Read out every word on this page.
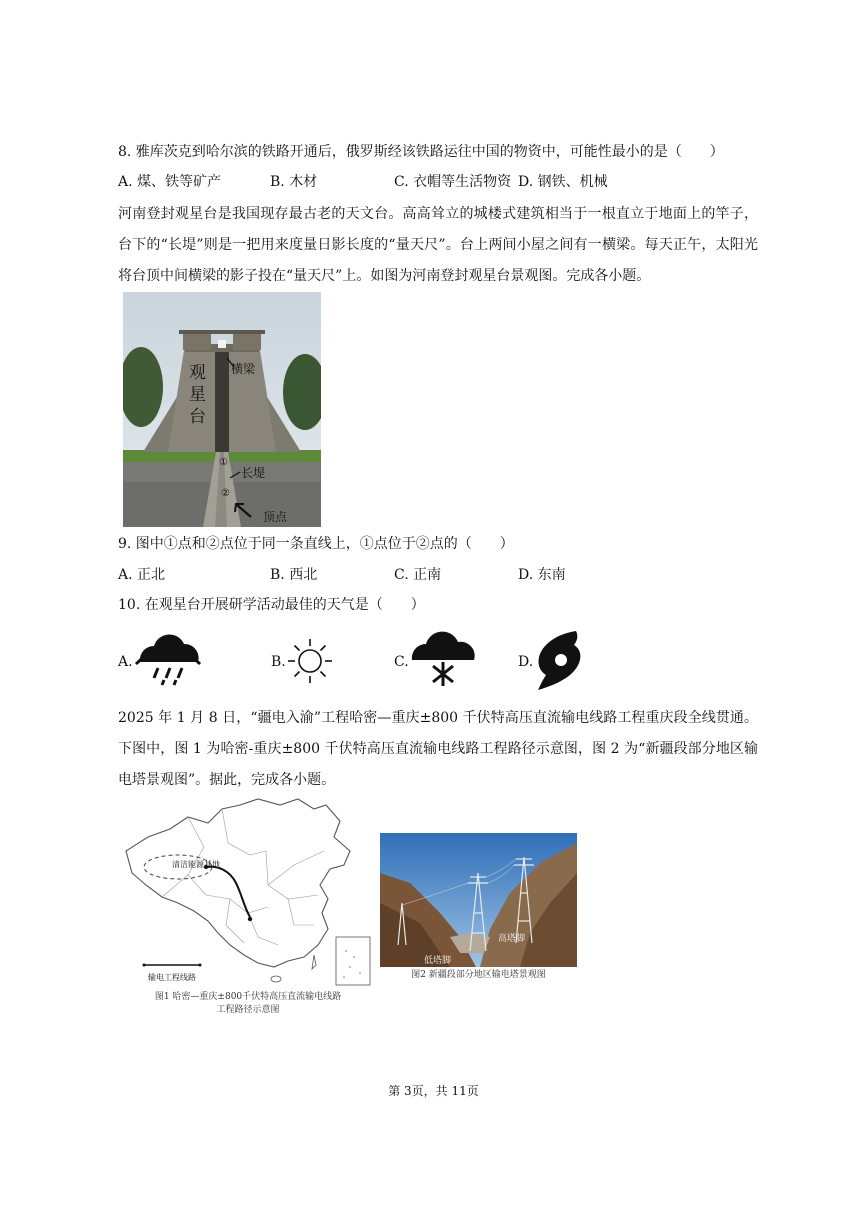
8. 雅库茨克到哈尔滨的铁路开通后，俄罗斯经该铁路运往中国的物资中，可能性最小的是（　　）
A. 煤、铁等矿产	B. 木材	C. 衣帽等生活物资 D. 钢铁、机械
河南登封观星台是我国现存最古老的天文台。高高耸立的城楼式建筑相当于一根直立于地面上的竿子，台下的“长堤”则是一把用来度量日影长度的“量天尺”。台上两间小屋之间有一横梁。每天正午，太阳光将台顶中间横梁的影子投在“量天尺”上。如图为河南登封观星台景观图。完成各小题。
观星台
横梁
①
长堤
②
顶点
9. 图中①点和②点位于同一条直线上，①点位于②点的（　　）
A. 正北	B. 西北	C. 正南	D. 东南
10. 在观星台开展研学活动最佳的天气是（　　）
A.	B.	C.	D.
2025 年 1 月 8 日，“疆电入渝”工程哈密—重庆±800 千伏特高压直流输电线路工程重庆段全线贯通。下图中，图 1 为哈密-重庆±800 千伏特高压直流输电线路工程路径示意图，图 2 为“新疆段部分地区输电塔景观图”。据此，完成各小题。
清洁能源基地
输电工程线路
图1 哈密—重庆±800千伏特高压直流输电线路
工程路径示意图
高塔脚
低塔脚
图2 新疆段部分地区输电塔景观图
第 3页，共 11页
